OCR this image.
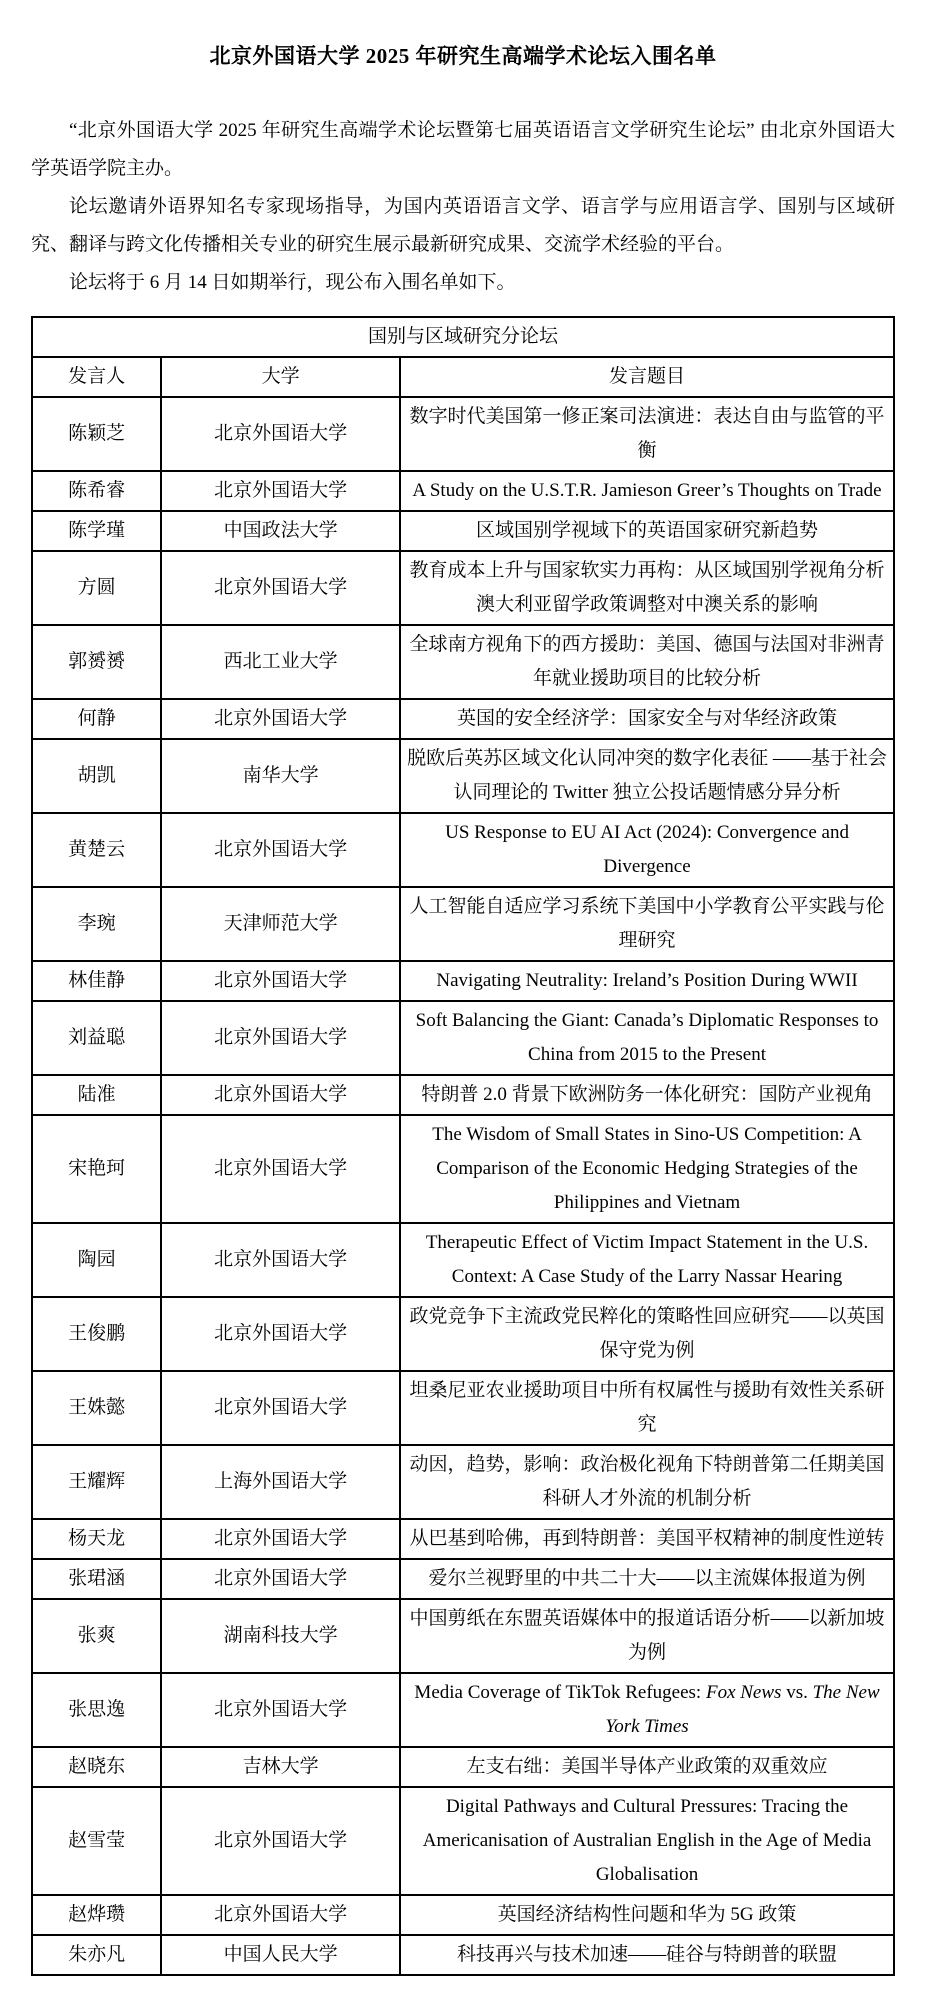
北京外国语大学 2025 年研究生高端学术论坛入围名单

“北京外国语大学 2025 年研究生高端学术论坛暨第七届英语语言文学研究生论坛” 由北京外国语大学英语学院主办。

论坛邀请外语界知名专家现场指导，为国内英语语言文学、语言学与应用语言学、国别与区域研究、翻译与跨文化传播相关专业的研究生展示最新研究成果、交流学术经验的平台。

论坛将于 6 月 14 日如期举行，现公布入围名单如下。

国别与区域研究分论坛		
发言人	大学	发言题目
陈颖芝	北京外国语大学	数字时代美国第一修正案司法演进：表达自由与监管的平衡
陈希睿	北京外国语大学	A Study on the U.S.T.R. Jamieson Greer’s Thoughts on Trade
陈学瑾	中国政法大学	区域国别学视域下的英语国家研究新趋势
方圆	北京外国语大学	教育成本上升与国家软实力再构：从区域国别学视角分析澳大利亚留学政策调整对中澳关系的影响
郭赟赟	西北工业大学	全球南方视角下的西方援助：美国、德国与法国对非洲青年就业援助项目的比较分析
何静	北京外国语大学	英国的安全经济学：国家安全与对华经济政策
胡凯	南华大学	脱欧后英苏区域文化认同冲突的数字化表征 ——基于社会认同理论的 Twitter 独立公投话题情感分异分析
黄楚云	北京外国语大学	US Response to EU AI Act (2024): Convergence and Divergence
李琬	天津师范大学	人工智能自适应学习系统下美国中小学教育公平实践与伦理研究
林佳静	北京外国语大学	Navigating Neutrality: Ireland’s Position During WWII
刘益聪	北京外国语大学	Soft Balancing the Giant: Canada’s Diplomatic Responses to China from 2015 to the Present
陆准	北京外国语大学	特朗普 2.0 背景下欧洲防务一体化研究：国防产业视角
宋艳珂	北京外国语大学	The Wisdom of Small States in Sino-US Competition: A Comparison of the Economic Hedging Strategies of the Philippines and Vietnam
陶园	北京外国语大学	Therapeutic Effect of Victim Impact Statement in the U.S. Context: A Case Study of the Larry Nassar Hearing
王俊鹏	北京外国语大学	政党竞争下主流政党民粹化的策略性回应研究——以英国保守党为例
王姝懿	北京外国语大学	坦桑尼亚农业援助项目中所有权属性与援助有效性关系研究
王耀辉	上海外国语大学	动因，趋势，影响：政治极化视角下特朗普第二任期美国科研人才外流的机制分析
杨天龙	北京外国语大学	从巴基到哈佛，再到特朗普：美国平权精神的制度性逆转
张珺涵	北京外国语大学	爱尔兰视野里的中共二十大——以主流媒体报道为例
张爽	湖南科技大学	中国剪纸在东盟英语媒体中的报道话语分析——以新加坡为例
张思逸	北京外国语大学	Media Coverage of TikTok Refugees: Fox News vs. The New York Times
赵晓东	吉林大学	左支右绌：美国半导体产业政策的双重效应
赵雪莹	北京外国语大学	Digital Pathways and Cultural Pressures: Tracing the Americanisation of Australian English in the Age of Media Globalisation
赵烨瓒	北京外国语大学	英国经济结构性问题和华为 5G 政策
朱亦凡	中国人民大学	科技再兴与技术加速——硅谷与特朗普的联盟
